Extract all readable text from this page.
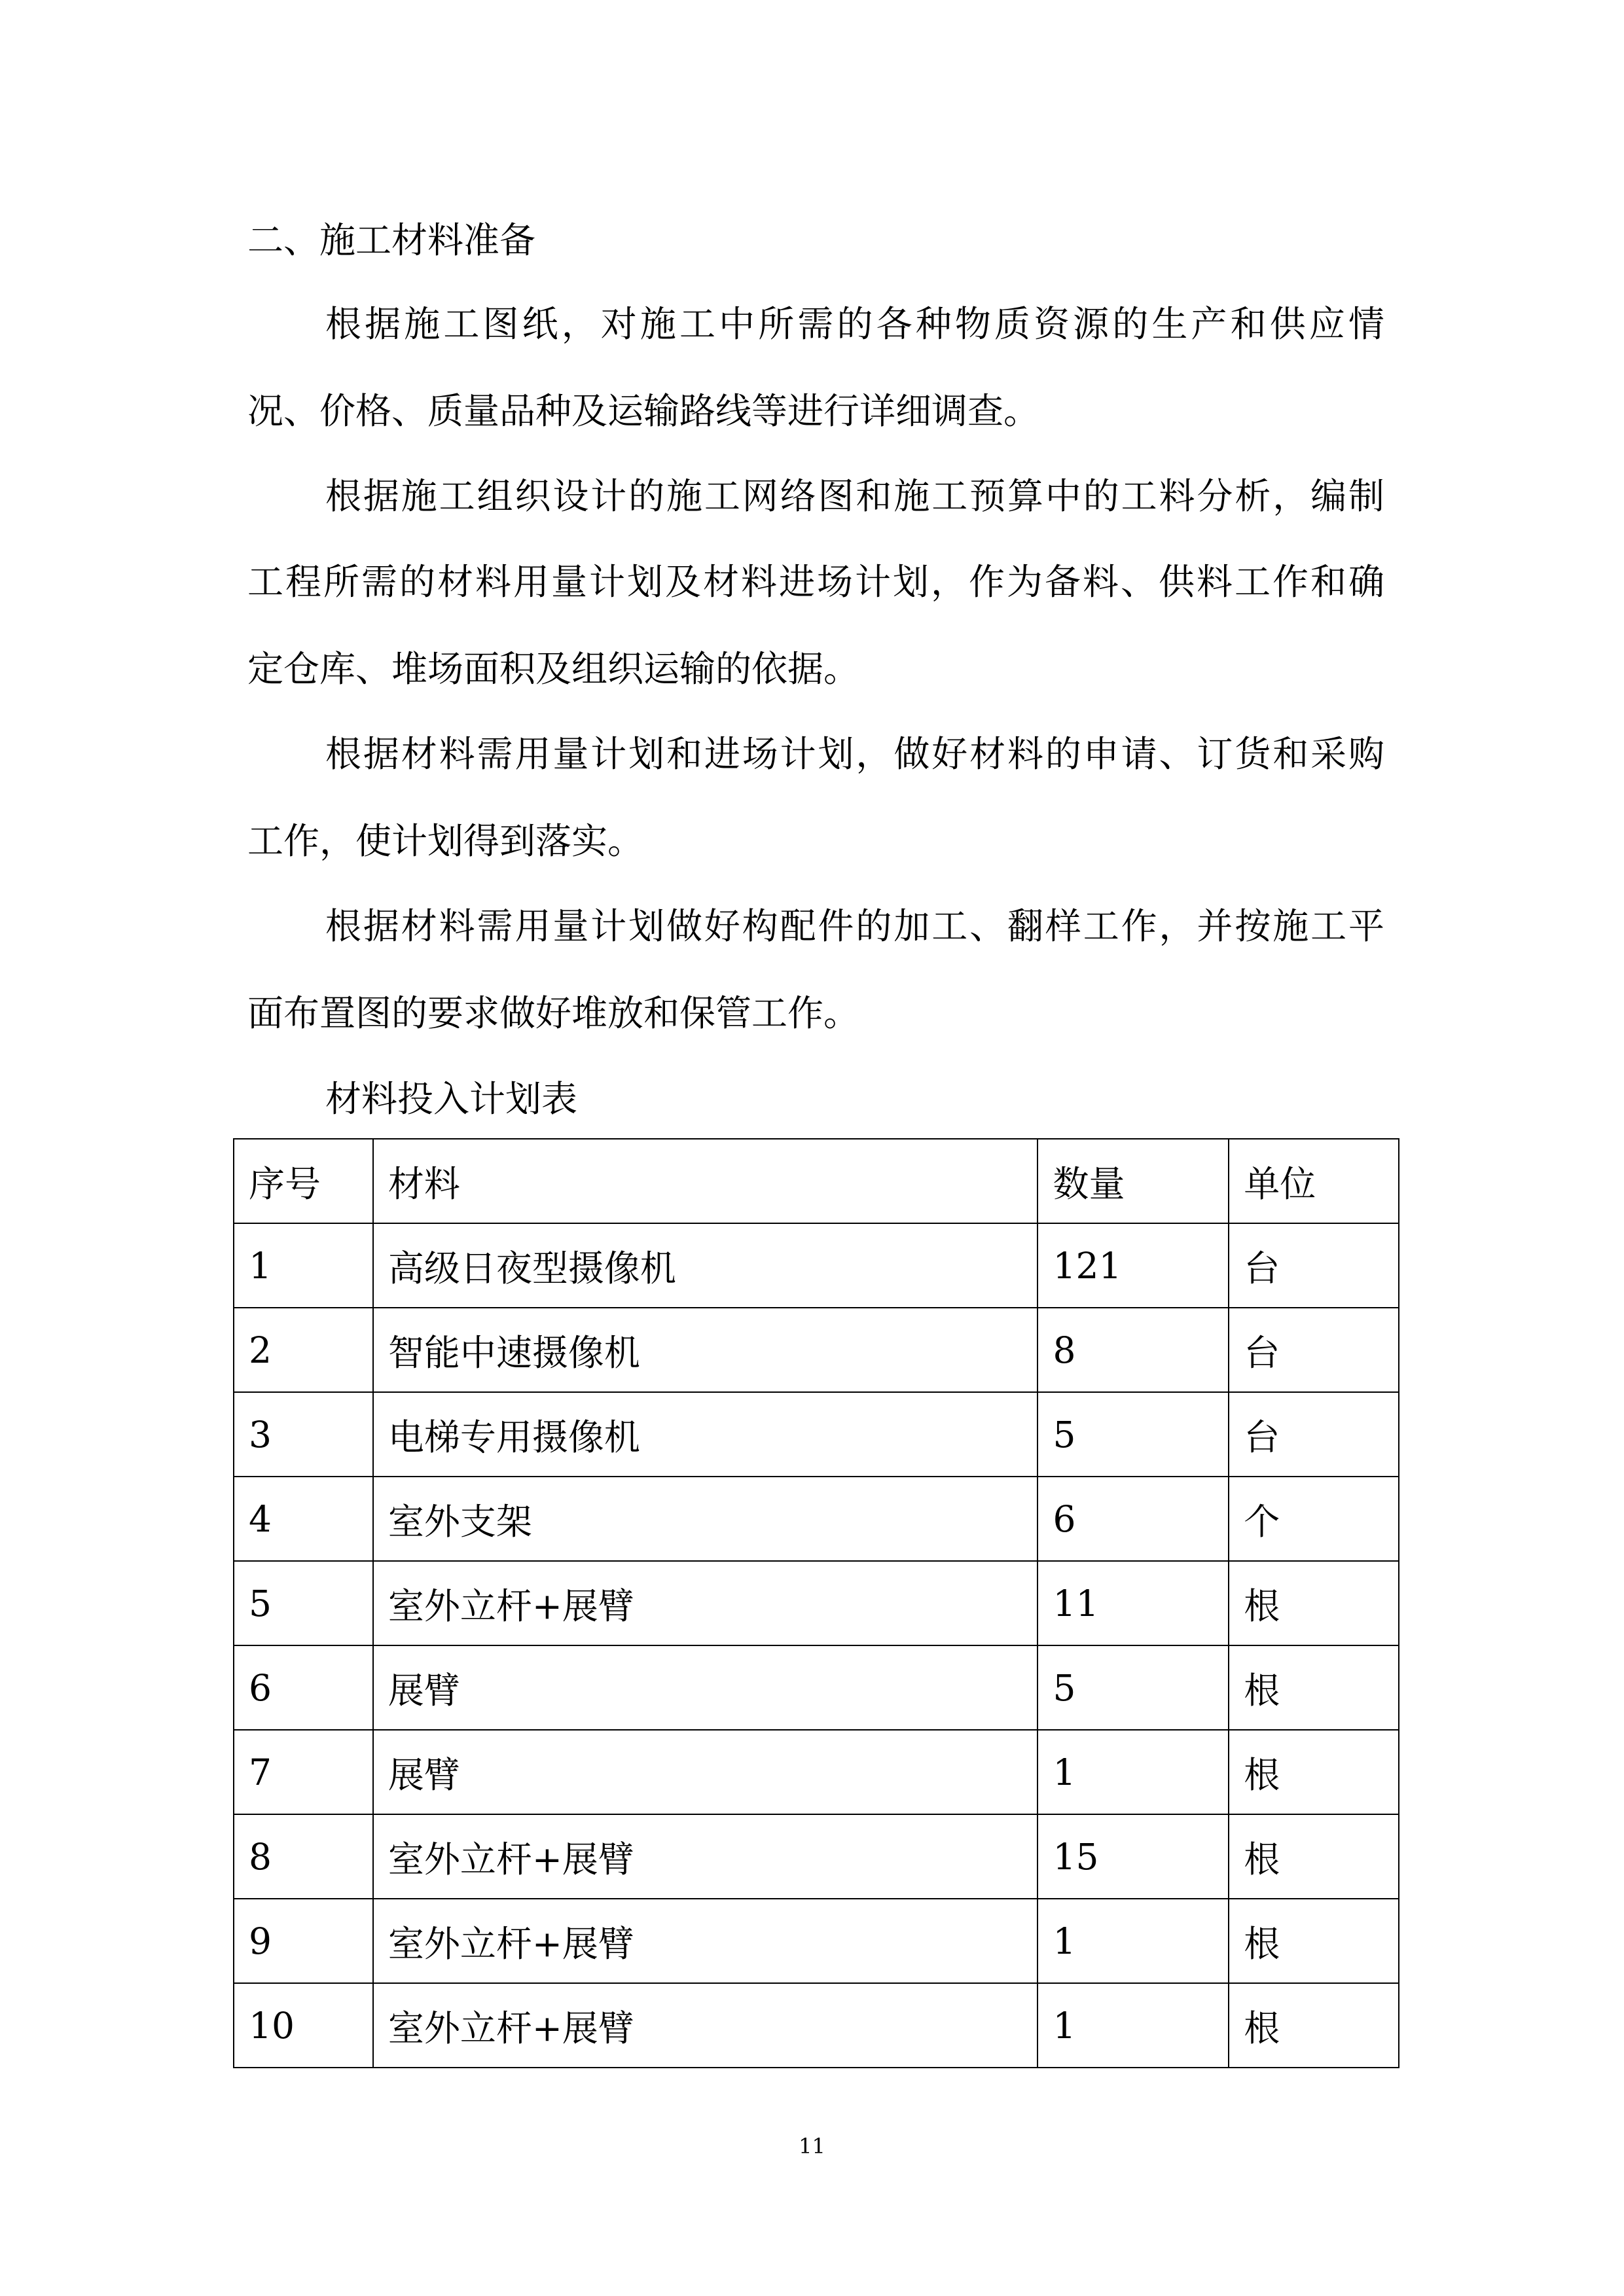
二、施工材料准备
根据施工图纸，对施工中所需的各种物质资源的生产和供应情
况、价格、质量品种及运输路线等进行详细调查。
根据施工组织设计的施工网络图和施工预算中的工料分析，编制
工程所需的材料用量计划及材料进场计划，作为备料、供料工作和确
定仓库、堆场面积及组织运输的依据。
根据材料需用量计划和进场计划，做好材料的申请、订货和采购
工作，使计划得到落实。
根据材料需用量计划做好构配件的加工、翻样工作，并按施工平
面布置图的要求做好堆放和保管工作。
材料投入计划表
序号	材料	数量	单位
1	高级日夜型摄像机	121	台
2	智能中速摄像机	8	台
3	电梯专用摄像机	5	台
4	室外支架	6	个
5	室外立杆+展臂	11	根
6	展臂	5	根
7	展臂	1	根
8	室外立杆+展臂	15	根
9	室外立杆+展臂	1	根
10	室外立杆+展臂	1	根
11
